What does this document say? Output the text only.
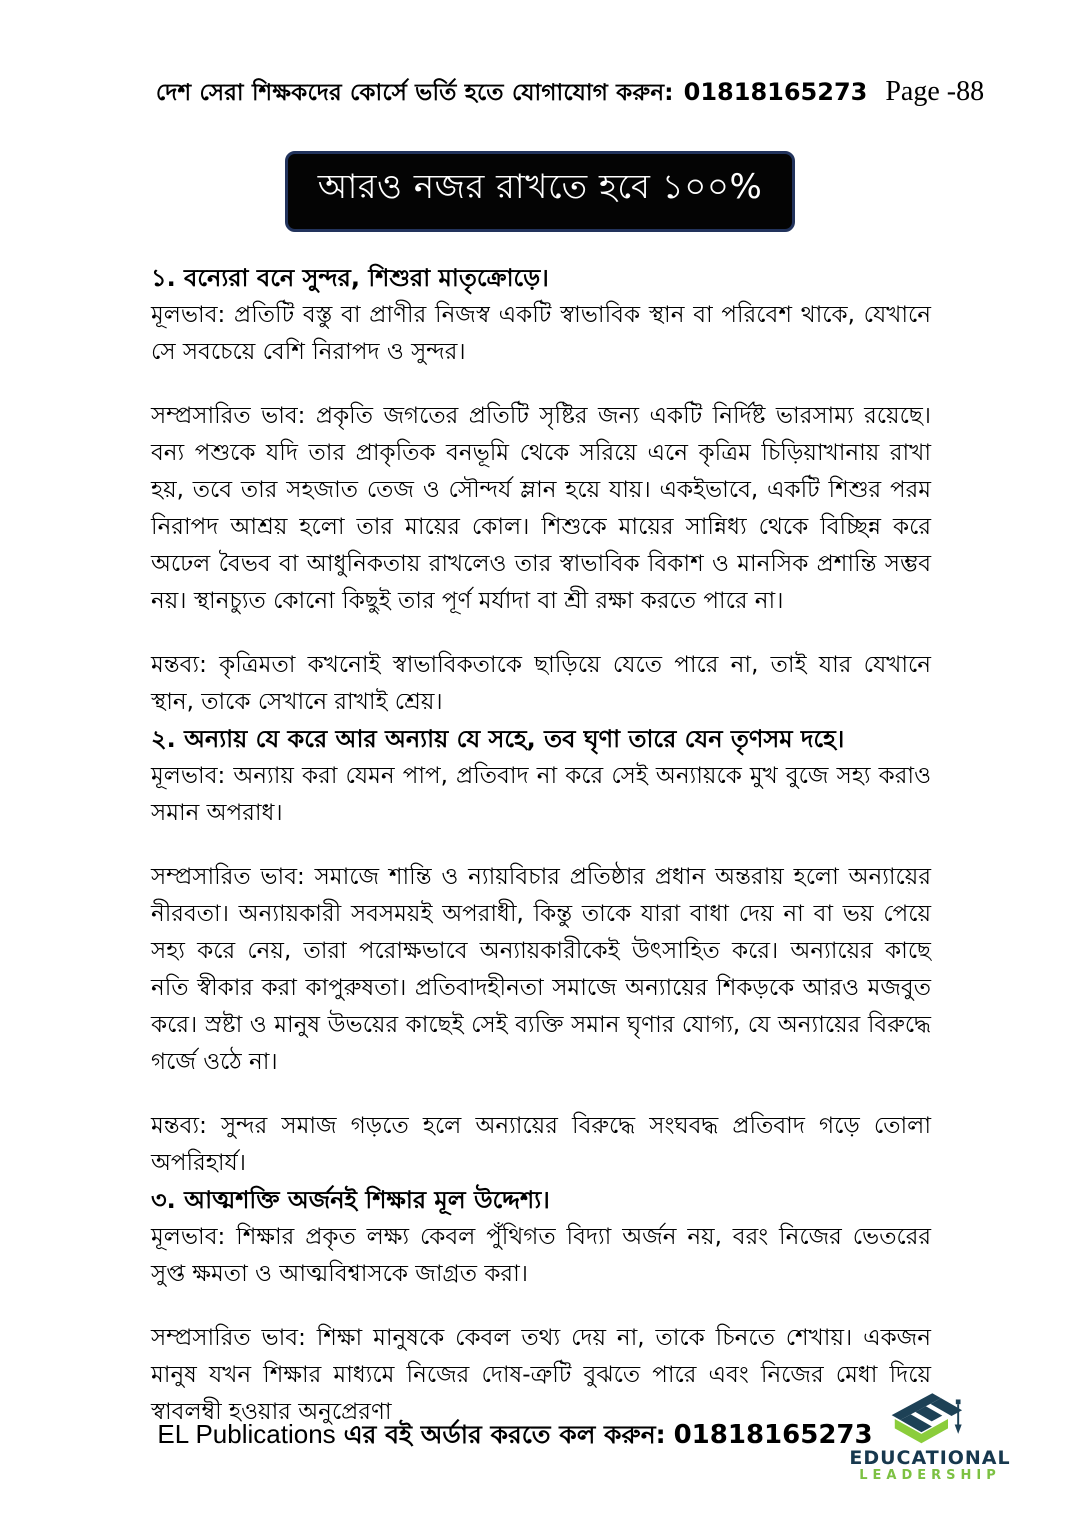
দেশ সেরা শিক্ষকদের কোর্সে ভর্তি হতে যোগাযোগ করুন: 01818165273 Page -88
আরও নজর রাখতে হবে ১০০%
১. বন্যেরা বনে সুন্দর, শিশুরা মাতৃক্রোড়ে।

মূলভাব: প্রতিটি বস্তু বা প্রাণীর নিজস্ব একটি স্বাভাবিক স্থান বা পরিবেশ থাকে, যেখানে সে সবচেয়ে বেশি নিরাপদ ও সুন্দর।

সম্প্রসারিত ভাব: প্রকৃতি জগতের প্রতিটি সৃষ্টির জন্য একটি নির্দিষ্ট ভারসাম্য রয়েছে। বন্য পশুকে যদি তার প্রাকৃতিক বনভূমি থেকে সরিয়ে এনে কৃত্রিম চিড়িয়াখানায় রাখা হয়, তবে তার সহজাত তেজ ও সৌন্দর্য ম্লান হয়ে যায়। একইভাবে, একটি শিশুর পরম নিরাপদ আশ্রয় হলো তার মায়ের কোল। শিশুকে মায়ের সান্নিধ্য থেকে বিচ্ছিন্ন করে অঢেল বৈভব বা আধুনিকতায় রাখলেও তার স্বাভাবিক বিকাশ ও মানসিক প্রশান্তি সম্ভব নয়। স্থানচ্যুত কোনো কিছুই তার পূর্ণ মর্যাদা বা শ্রী রক্ষা করতে পারে না।

মন্তব্য: কৃত্রিমতা কখনোই স্বাভাবিকতাকে ছাড়িয়ে যেতে পারে না, তাই যার যেখানে স্থান, তাকে সেখানে রাখাই শ্রেয়।

২. অন্যায় যে করে আর অন্যায় যে সহে, তব ঘৃণা তারে যেন তৃণসম দহে।

মূলভাব: অন্যায় করা যেমন পাপ, প্রতিবাদ না করে সেই অন্যায়কে মুখ বুজে সহ্য করাও সমান অপরাধ।

সম্প্রসারিত ভাব: সমাজে শান্তি ও ন্যায়বিচার প্রতিষ্ঠার প্রধান অন্তরায় হলো অন্যায়ের নীরবতা। অন্যায়কারী সবসময়ই অপরাধী, কিন্তু তাকে যারা বাধা দেয় না বা ভয় পেয়ে সহ্য করে নেয়, তারা পরোক্ষভাবে অন্যায়কারীকেই উৎসাহিত করে। অন্যায়ের কাছে নতি স্বীকার করা কাপুরুষতা। প্রতিবাদহীনতা সমাজে অন্যায়ের শিকড়কে আরও মজবুত করে। স্রষ্টা ও মানুষ উভয়ের কাছেই সেই ব্যক্তি সমান ঘৃণার যোগ্য, যে অন্যায়ের বিরুদ্ধে গর্জে ওঠে না।

মন্তব্য: সুন্দর সমাজ গড়তে হলে অন্যায়ের বিরুদ্ধে সংঘবদ্ধ প্রতিবাদ গড়ে তোলা অপরিহার্য।

৩. আত্মশক্তি অর্জনই শিক্ষার মূল উদ্দেশ্য।

মূলভাব: শিক্ষার প্রকৃত লক্ষ্য কেবল পুঁথিগত বিদ্যা অর্জন নয়, বরং নিজের ভেতরের সুপ্ত ক্ষমতা ও আত্মবিশ্বাসকে জাগ্রত করা।

সম্প্রসারিত ভাব: শিক্ষা মানুষকে কেবল তথ্য দেয় না, তাকে চিনতে শেখায়। একজন মানুষ যখন শিক্ষার মাধ্যমে নিজের দোষ-ত্রুটি বুঝতে পারে এবং নিজের মেধা দিয়ে স্বাবলম্বী হওয়ার অনুপ্রেরণা

EL Publications এর বই অর্ডার করতে কল করুন: 01818165273
EDUCATIONAL
LEADERSHIP
